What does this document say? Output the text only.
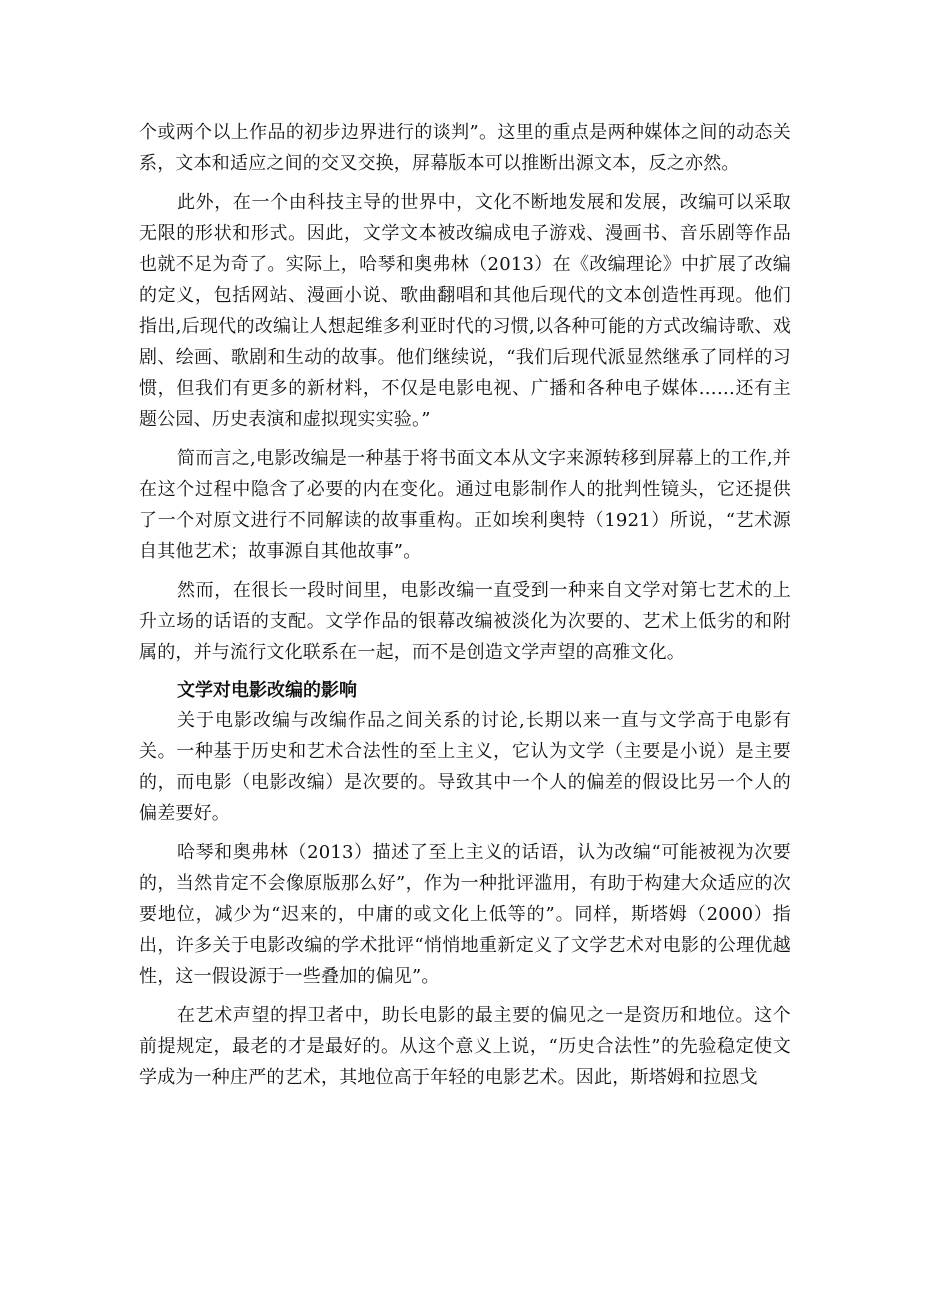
个或两个以上作品的初步边界进行的谈判”。这里的重点是两种媒体之间的动态关系，文本和适应之间的交叉交换，屏幕版本可以推断出源文本，反之亦然。

此外，在一个由科技主导的世界中，文化不断地发展和发展，改编可以采取无限的形状和形式。因此，文学文本被改编成电子游戏、漫画书、音乐剧等作品也就不足为奇了。实际上，哈琴和奥弗林（2013）在《改编理论》中扩展了改编的定义，包括网站、漫画小说、歌曲翻唱和其他后现代的文本创造性再现。他们指出,后现代的改编让人想起维多利亚时代的习惯,以各种可能的方式改编诗歌、戏剧、绘画、歌剧和生动的故事。他们继续说，“我们后现代派显然继承了同样的习惯，但我们有更多的新材料，不仅是电影电视、广播和各种电子媒体……还有主题公园、历史表演和虚拟现实实验。”

简而言之,电影改编是一种基于将书面文本从文字来源转移到屏幕上的工作,并在这个过程中隐含了必要的内在变化。通过电影制作人的批判性镜头，它还提供了一个对原文进行不同解读的故事重构。正如埃利奥特（1921）所说，“艺术源自其他艺术；故事源自其他故事”。

然而，在很长一段时间里，电影改编一直受到一种来自文学对第七艺术的上升立场的话语的支配。文学作品的银幕改编被淡化为次要的、艺术上低劣的和附属的，并与流行文化联系在一起，而不是创造文学声望的高雅文化。

文学对电影改编的影响

关于电影改编与改编作品之间关系的讨论,长期以来一直与文学高于电影有关。一种基于历史和艺术合法性的至上主义，它认为文学（主要是小说）是主要的，而电影（电影改编）是次要的。导致其中一个人的偏差的假设比另一个人的偏差要好。

哈琴和奥弗林（2013）描述了至上主义的话语，认为改编“可能被视为次要的，当然肯定不会像原版那么好”，作为一种批评滥用，有助于构建大众适应的次要地位，减少为“迟来的，中庸的或文化上低等的”。同样，斯塔姆（2000）指出，许多关于电影改编的学术批评“悄悄地重新定义了文学艺术对电影的公理优越性，这一假设源于一些叠加的偏见”。

在艺术声望的捍卫者中，助长电影的最主要的偏见之一是资历和地位。这个前提规定，最老的才是最好的。从这个意义上说，“历史合法性”的先验稳定使文学成为一种庄严的艺术，其地位高于年轻的电影艺术。因此，斯塔姆和拉恩戈
